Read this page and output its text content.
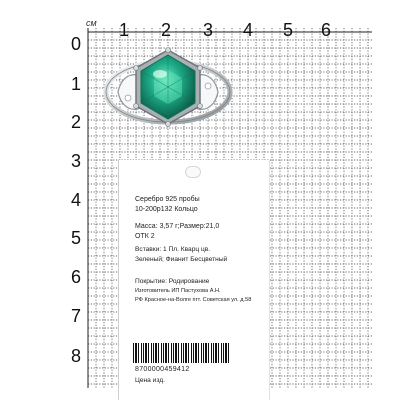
см
0
1 2 3 4 5 6
1
2
3
4
5
6
7
8
Серебро 925 пробы
10-200р132 Кольцо
Масса: 3,57 г;Размер:21,0
ОТК 2
Вставки: 1 Пл. Кварц цв.
Зеленый; Фианит Бесцветный
Покрытие: Родирование
Изготовитель ИП Пастухова А.Н.
РФ Красное-на-Волге пгт. Советская ул. д.58
8700000459412
Цена изд.
